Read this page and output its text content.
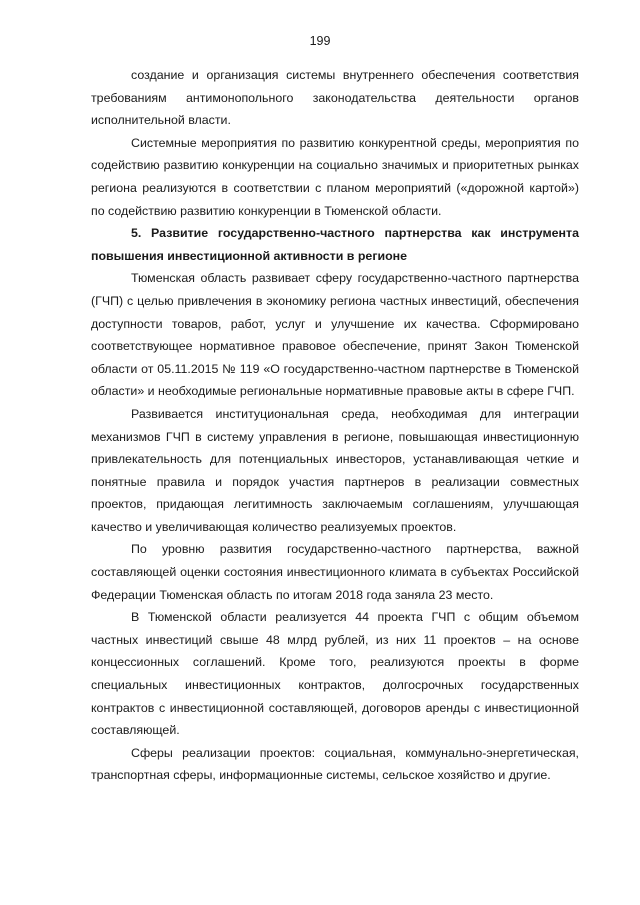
199

создание и организация системы внутреннего обеспечения соответствия требованиям антимонопольного законодательства деятельности органов исполнительной власти.

Системные мероприятия по развитию конкурентной среды, мероприятия по содействию развитию конкуренции на социально значимых и приоритетных рынках региона реализуются в соответствии с планом мероприятий («дорожной картой») по содействию развитию конкуренции в Тюменской области.

5. Развитие государственно-частного партнерства как инструмента повышения инвестиционной активности в регионе

Тюменская область развивает сферу государственно-частного партнерства (ГЧП) с целью привлечения в экономику региона частных инвестиций, обеспечения доступности товаров, работ, услуг и улучшение их качества. Сформировано соответствующее нормативное правовое обеспечение, принят Закон Тюменской области от 05.11.2015 № 119 «О государственно-частном партнерстве в Тюменской области» и необходимые региональные нормативные правовые акты в сфере ГЧП.

Развивается институциональная среда, необходимая для интеграции механизмов ГЧП в систему управления в регионе, повышающая инвестиционную привлекательность для потенциальных инвесторов, устанавливающая четкие и понятные правила и порядок участия партнеров в реализации совместных проектов, придающая легитимность заключаемым соглашениям, улучшающая качество и увеличивающая количество реализуемых проектов.

По уровню развития государственно-частного партнерства, важной составляющей оценки состояния инвестиционного климата в субъектах Российской Федерации Тюменская область по итогам 2018 года заняла 23 место.

В Тюменской области реализуется 44 проекта ГЧП с общим объемом частных инвестиций свыше 48 млрд рублей, из них 11 проектов – на основе концессионных соглашений. Кроме того, реализуются проекты в форме специальных инвестиционных контрактов, долгосрочных государственных контрактов с инвестиционной составляющей, договоров аренды с инвестиционной составляющей.

Сферы реализации проектов: социальная, коммунально-энергетическая, транспортная сферы, информационные системы, сельское хозяйство и другие.
